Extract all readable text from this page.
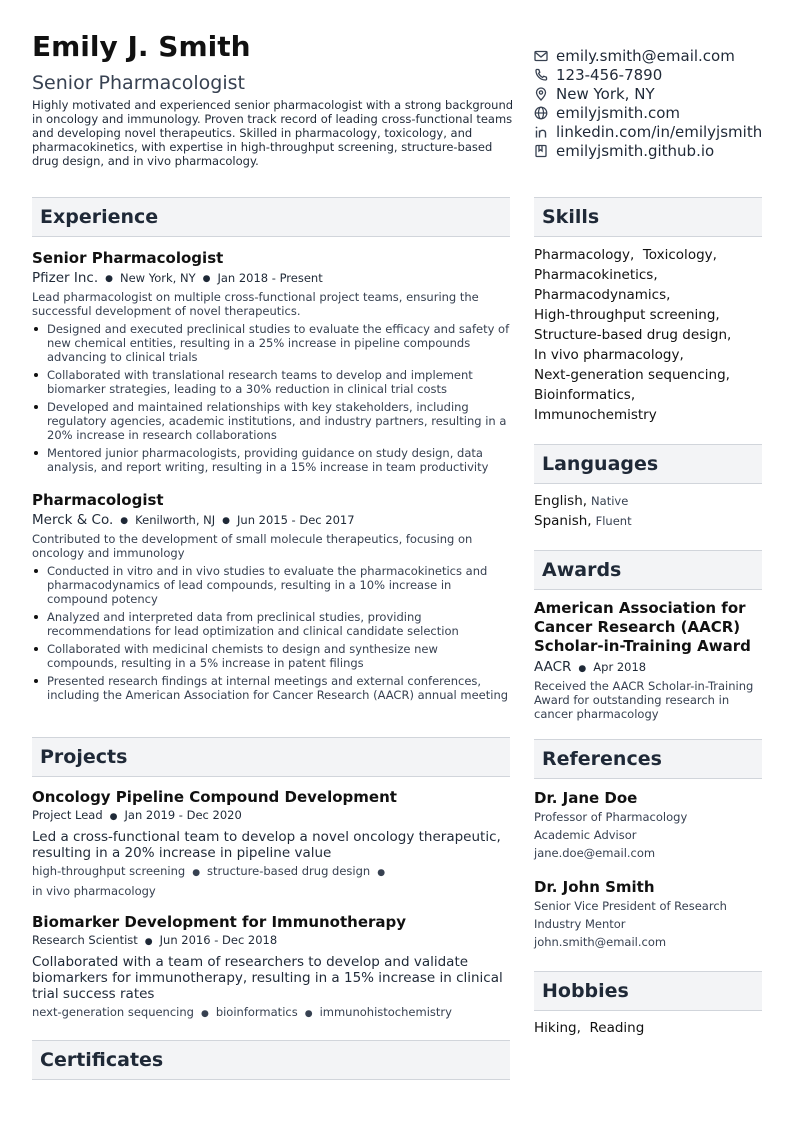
Emily J. Smith
Senior Pharmacologist
Highly motivated and experienced senior pharmacologist with a strong background in oncology and immunology. Proven track record of leading cross-functional teams and developing novel therapeutics. Skilled in pharmacology, toxicology, and pharmacokinetics, with expertise in high-throughput screening, structure-based drug design, and in vivo pharmacology.
emily.smith@email.com
123-456-7890
New York, NY
emilyjsmith.com
linkedin.com/in/emilyjsmith
emilyjsmith.github.io
Experience
Senior Pharmacologist
Pfizer Inc. ● New York, NY ● Jan 2018 - Present
Lead pharmacologist on multiple cross-functional project teams, ensuring the successful development of novel therapeutics.
Designed and executed preclinical studies to evaluate the efficacy and safety of new chemical entities, resulting in a 25% increase in pipeline compounds advancing to clinical trials
Collaborated with translational research teams to develop and implement biomarker strategies, leading to a 30% reduction in clinical trial costs
Developed and maintained relationships with key stakeholders, including regulatory agencies, academic institutions, and industry partners, resulting in a 20% increase in research collaborations
Mentored junior pharmacologists, providing guidance on study design, data analysis, and report writing, resulting in a 15% increase in team productivity
Pharmacologist
Merck & Co. ● Kenilworth, NJ ● Jun 2015 - Dec 2017
Contributed to the development of small molecule therapeutics, focusing on oncology and immunology
Conducted in vitro and in vivo studies to evaluate the pharmacokinetics and pharmacodynamics of lead compounds, resulting in a 10% increase in compound potency
Analyzed and interpreted data from preclinical studies, providing recommendations for lead optimization and clinical candidate selection
Collaborated with medicinal chemists to design and synthesize new compounds, resulting in a 5% increase in patent filings
Presented research findings at internal meetings and external conferences, including the American Association for Cancer Research (AACR) annual meeting
Projects
Oncology Pipeline Compound Development
Project Lead ● Jan 2019 - Dec 2020
Led a cross-functional team to develop a novel oncology therapeutic, resulting in a 20% increase in pipeline value
high-throughput screening ● structure-based drug design ●
in vivo pharmacology
Biomarker Development for Immunotherapy
Research Scientist ● Jun 2016 - Dec 2018
Collaborated with a team of researchers to develop and validate biomarkers for immunotherapy, resulting in a 15% increase in clinical trial success rates
next-generation sequencing ● bioinformatics ● immunohistochemistry
Certificates
Skills
Pharmacology, Toxicology,
Pharmacokinetics,
Pharmacodynamics,
High-throughput screening,
Structure-based drug design,
In vivo pharmacology,
Next-generation sequencing,
Bioinformatics,
Immunochemistry
Languages
English, Native
Spanish, Fluent
Awards
American Association for Cancer Research (AACR) Scholar-in-Training Award
AACR ● Apr 2018
Received the AACR Scholar-in-Training Award for outstanding research in cancer pharmacology
References
Dr. Jane Doe
Professor of Pharmacology
Academic Advisor
jane.doe@email.com
Dr. John Smith
Senior Vice President of Research
Industry Mentor
john.smith@email.com
Hobbies
Hiking, Reading
